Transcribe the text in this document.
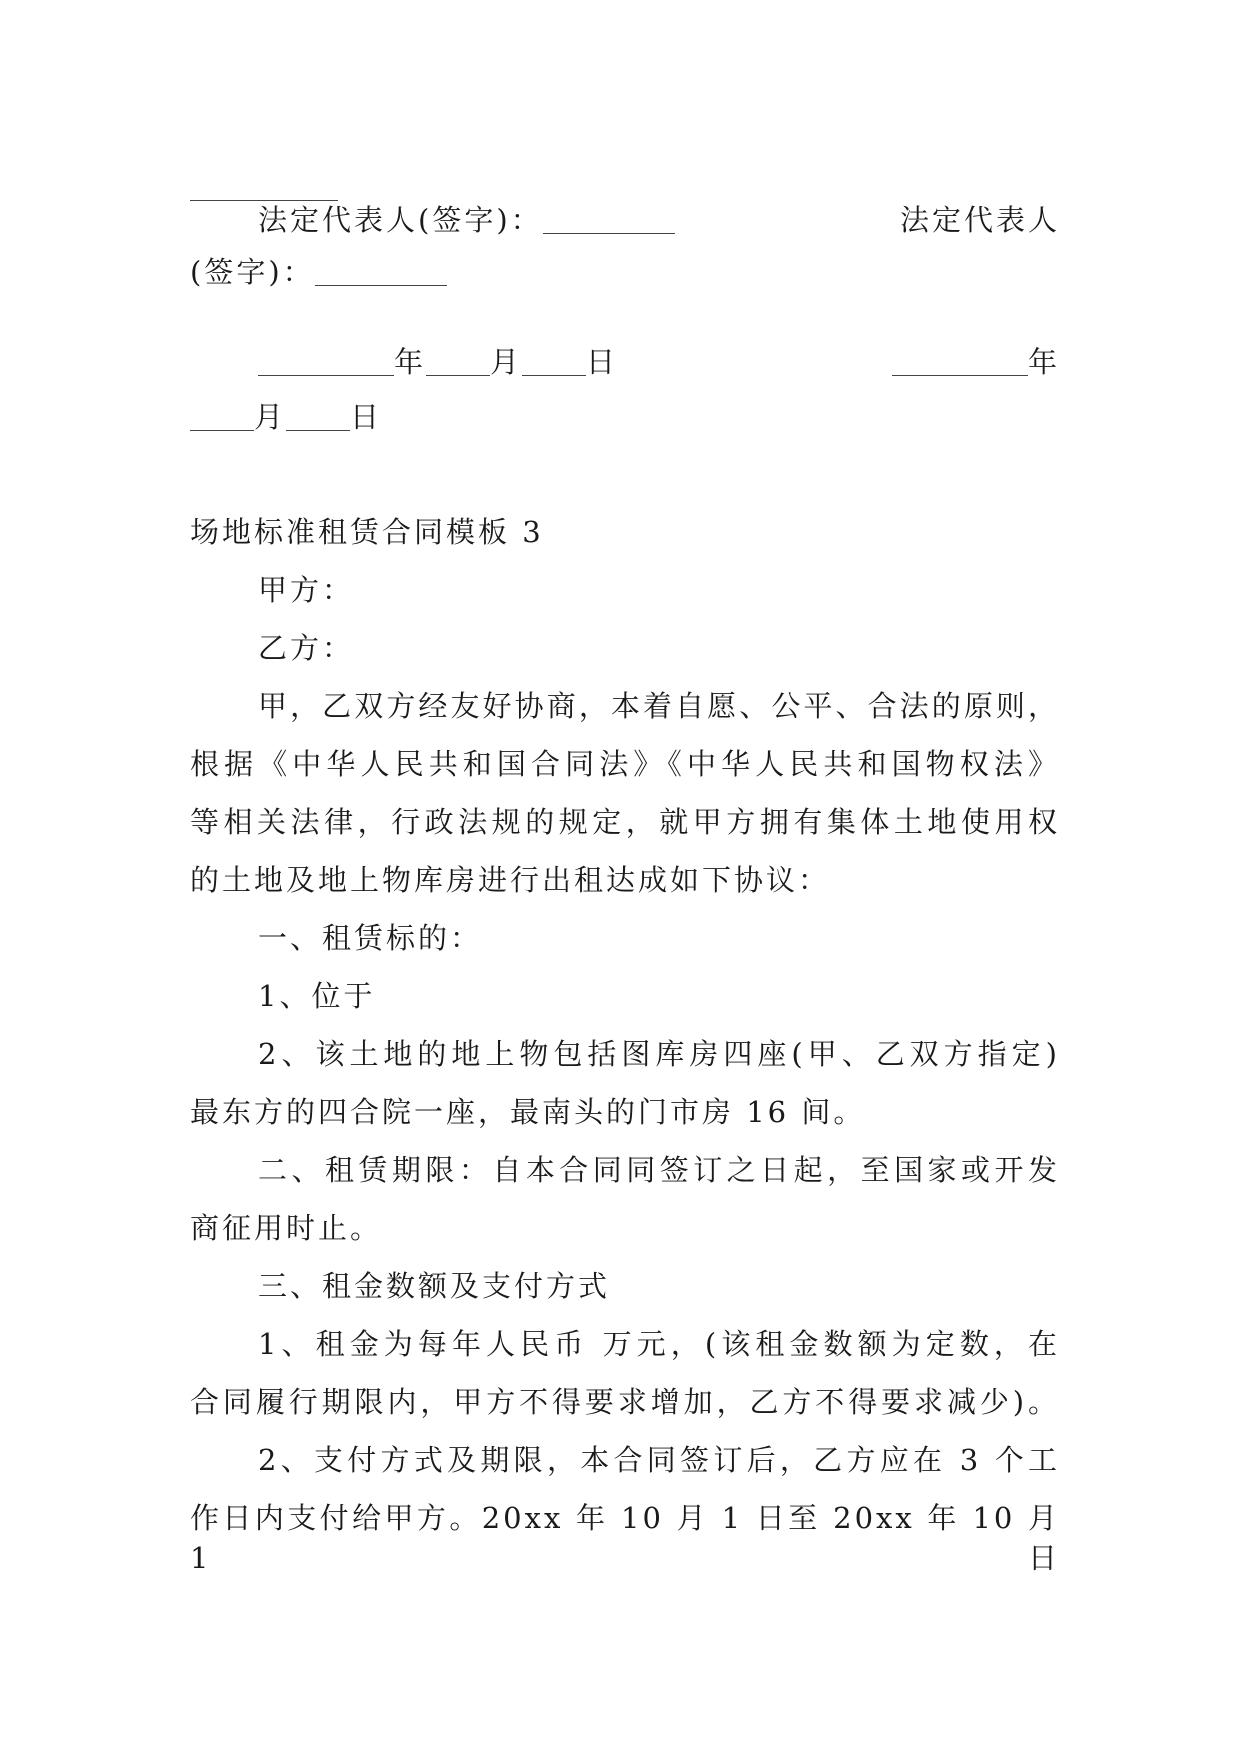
法定代表人(签字)：	法定代表人
(签字)：
年 月 日	年
月 日
场地标准租赁合同模板 3
甲方：
乙方：
甲，乙双方经友好协商，本着自愿、公平、合法的原则，
根据《中华人民共和国合同法》《中华人民共和国物权法》
等相关法律，行政法规的规定，就甲方拥有集体土地使用权
的土地及地上物库房进行出租达成如下协议：
一、租赁标的：
1、位于
2、该土地的地上物包括图库房四座(甲、乙双方指定)
最东方的四合院一座，最南头的门市房 16 间。
二、租赁期限：自本合同同签订之日起，至国家或开发
商征用时止。
三、租金数额及支付方式
1、租金为每年人民币 万元，(该租金数额为定数，在
合同履行期限内，甲方不得要求增加，乙方不得要求减少)。
2、支付方式及期限，本合同签订后，乙方应在 3 个工
作日内支付给甲方。20xx 年 10 月 1 日至 20xx 年 10 月 1 日
